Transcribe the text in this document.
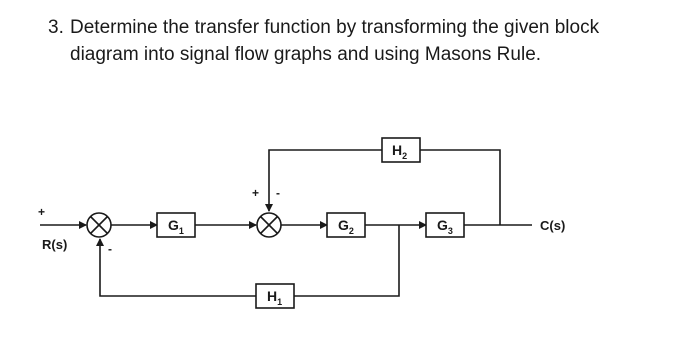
3. Determine the transfer function by transforming the given block diagram into signal flow graphs and using Masons Rule.
$G_1$	$G_2$	$G_3$
$H_1$
$H_2$
R(s)
C(s)
+
-
+ -
